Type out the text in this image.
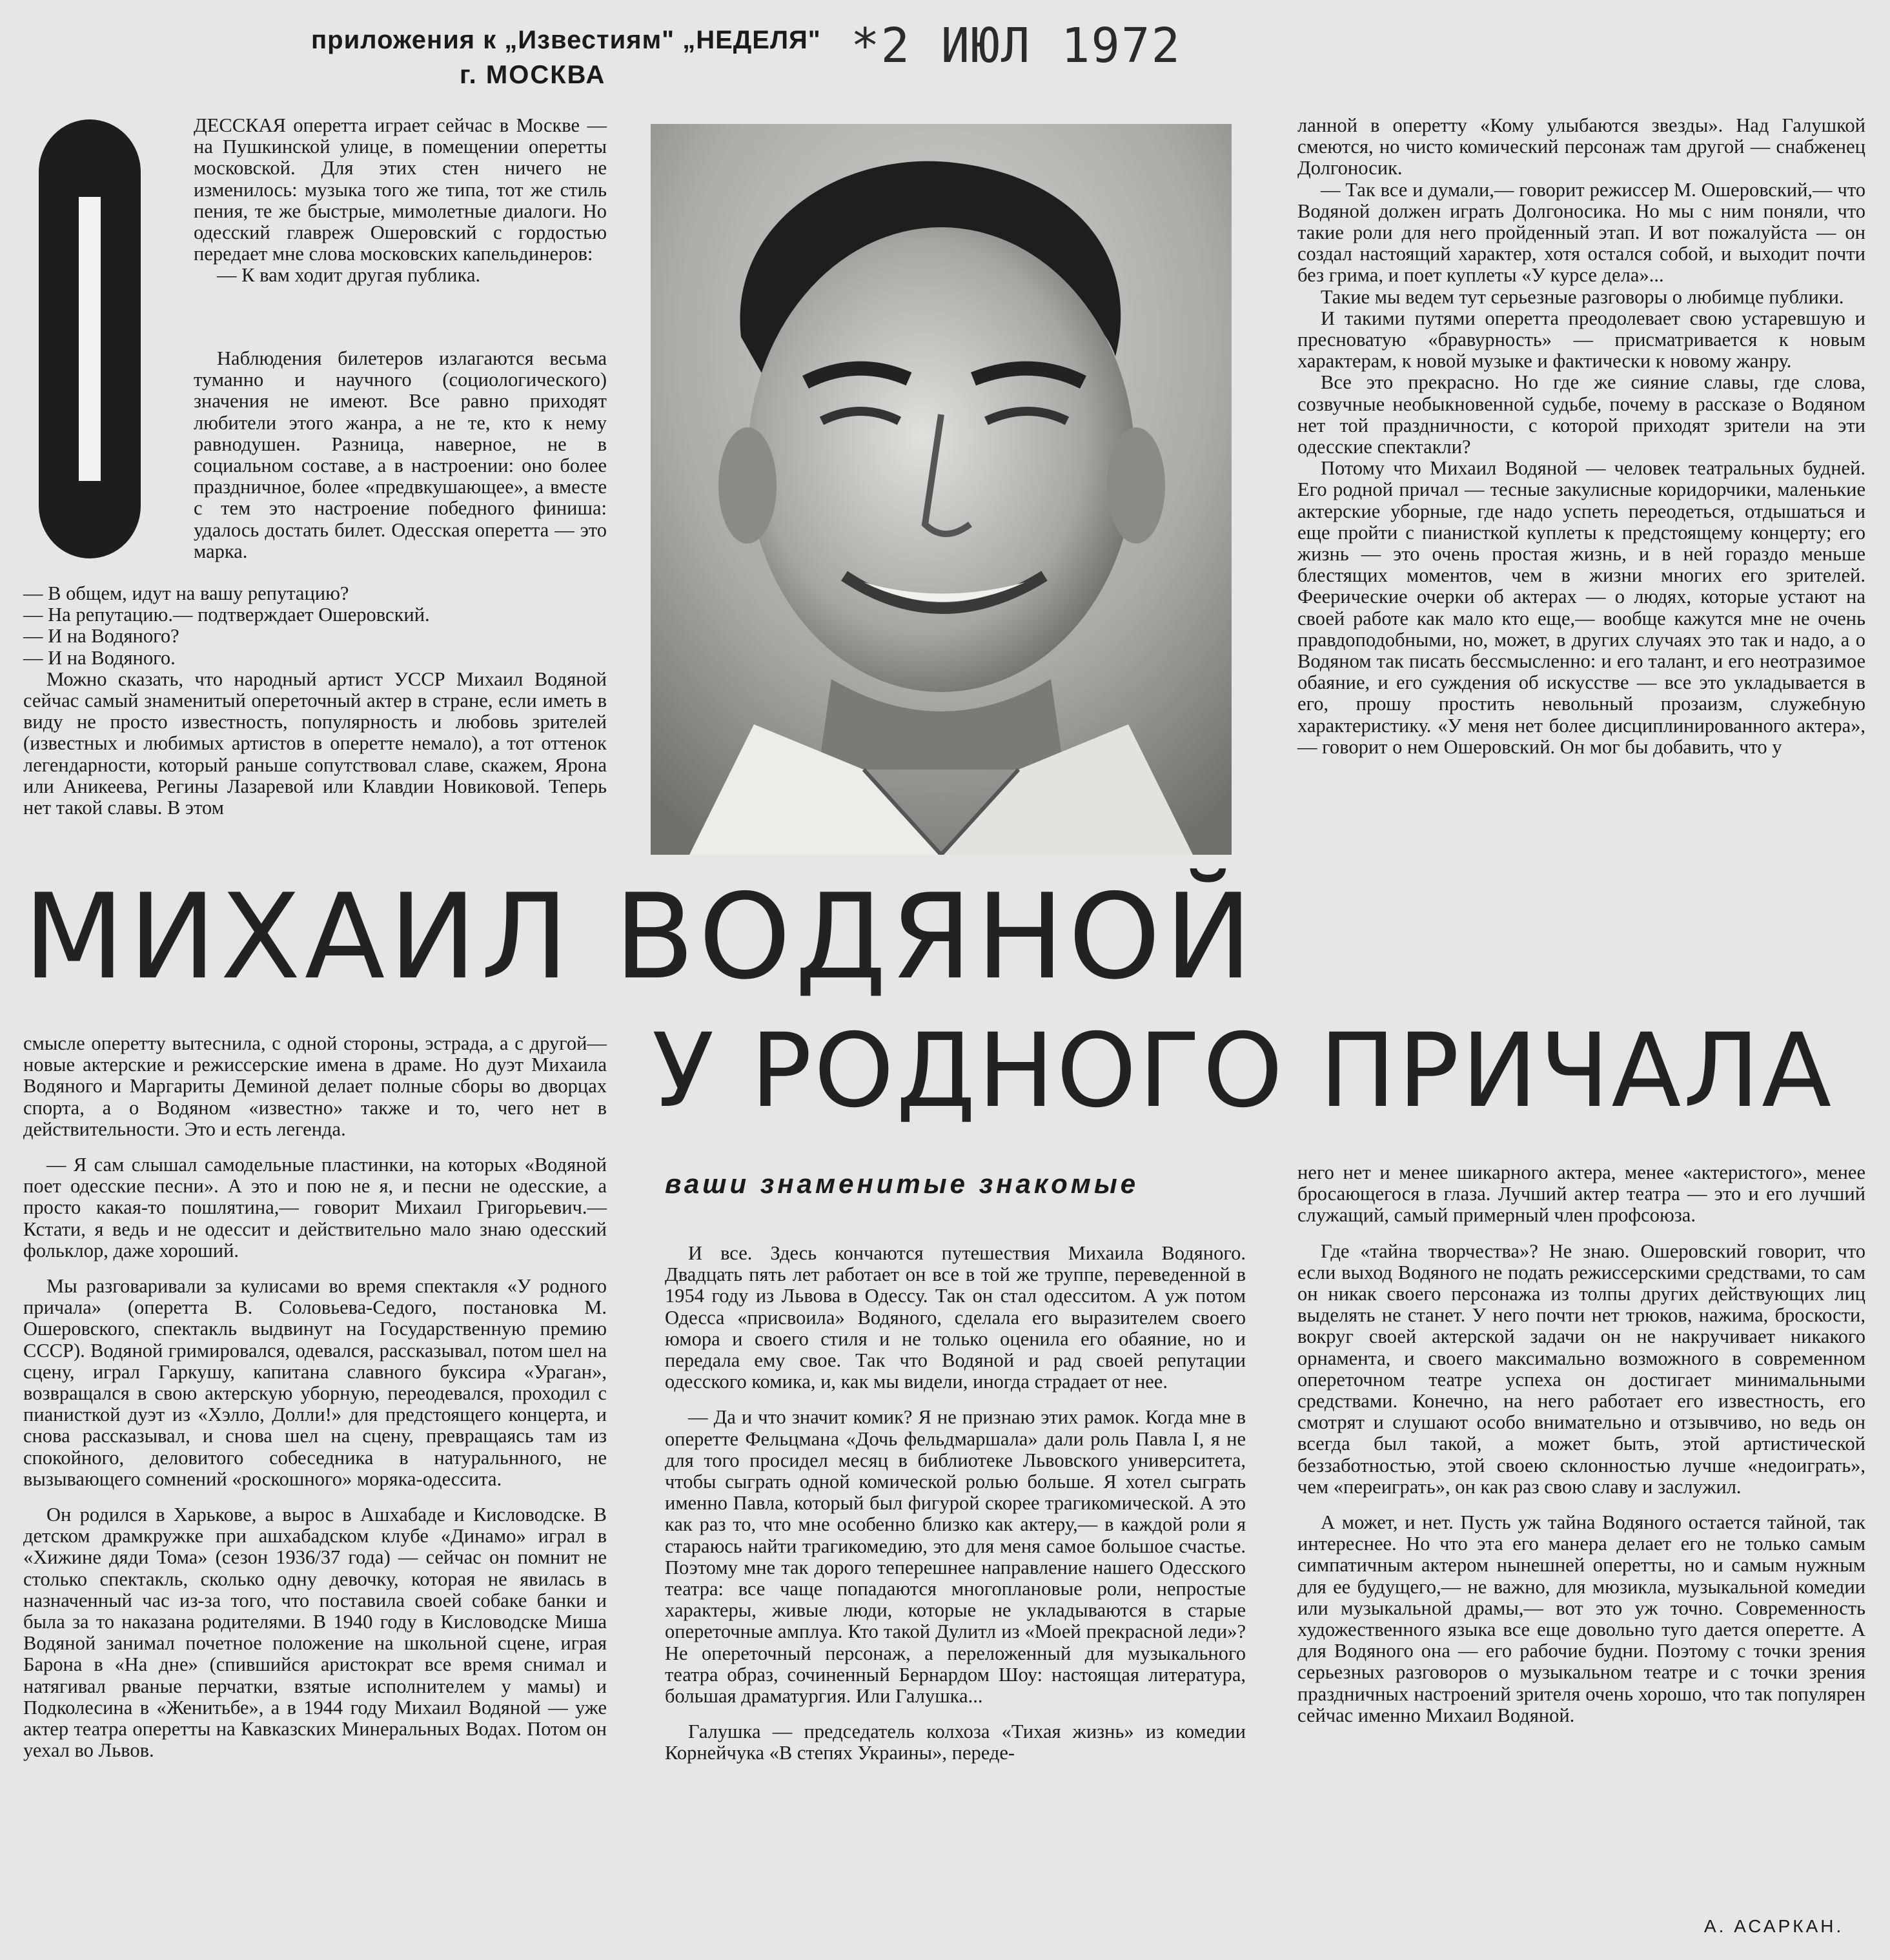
приложения к „Известиям" „НЕДЕЛЯ"
г. МОСКВА
*2 ИЮЛ 1972

ДЕССКАЯ оперетта играет сейчас в Москве — на Пушкинской улице, в помещении оперетты московской. Для этих стен ничего не изменилось: музыка того же типа, тот же стиль пения, те же быстрые, мимолетные диалоги. Но одесский главреж Ошеровский с гордостью передает мне слова московских капельдинеров:

— К вам ходит другая публика.

Наблюдения билетеров излагаются весьма туманно и научного (социологического) значения не имеют. Все равно приходят любители этого жанра, а не те, кто к нему равнодушен. Разница, наверное, не в социальном составе, а в настроении: оно более праздничное, более «предвкушающее», а вместе с тем это настроение победного финиша: удалось достать билет. Одесская оперетта — это марка.

— В общем, идут на вашу репутацию?

— На репутацию.— подтверждает Ошеровский.

— И на Водяного?

— И на Водяного.

Можно сказать, что народный артист УССР Михаил Водяной сейчас самый знаменитый опереточный актер в стране, если иметь в виду не просто известность, популярность и любовь зрителей (известных и любимых артистов в оперетте немало), а тот оттенок легендарности, который раньше сопутствовал славе, скажем, Ярона или Аникеева, Регины Лазаревой или Клавдии Новиковой. Теперь нет такой славы. В этом

ланной в оперетту «Кому улыбаются звезды». Над Галушкой смеются, но чисто комический персонаж там другой — снабженец Долгоносик.

— Так все и думали,— говорит режиссер М. Ошеровский,— что Водяной должен играть Долгоносика. Но мы с ним поняли, что такие роли для него пройденный этап. И вот пожалуйста — он создал настоящий характер, хотя остался собой, и выходит почти без грима, и поет куплеты «У курсе дела»...

Такие мы ведем тут серьезные разговоры о любимце публики.

И такими путями оперетта преодолевает свою устаревшую и пресноватую «бравурность» — присматривается к новым характерам, к новой музыке и фактически к новому жанру.

Все это прекрасно. Но где же сияние славы, где слова, созвучные необыкновенной судьбе, почему в рассказе о Водяном нет той праздничности, с которой приходят зрители на эти одесские спектакли?

Потому что Михаил Водяной — человек театральных будней. Его родной причал — тесные закулисные коридорчики, маленькие актерские уборные, где надо успеть переодеться, отдышаться и еще пройти с пианисткой куплеты к предстоящему концерту; его жизнь — это очень простая жизнь, и в ней гораздо меньше блестящих моментов, чем в жизни многих его зрителей. Феерические очерки об актерах — о людях, которые устают на своей работе как мало кто еще,— вообще кажутся мне не очень правдоподобными, но, может, в других случаях это так и надо, а о Водяном так писать бессмысленно: и его талант, и его неотразимое обаяние, и его суждения об искусстве — все это укладывается в его, прошу простить невольный прозаизм, служебную характеристику. «У меня нет более дисциплинированного актера»,— говорит о нем Ошеровский. Он мог бы добавить, что у

МИХАИЛ ВОДЯНОЙ
У РОДНОГО ПРИЧАЛА
ваши знаменитые знакомые

смысле оперетту вытеснила, с одной стороны, эстрада, а с другой—новые актерские и режиссерские имена в драме. Но дуэт Михаила Водяного и Маргариты Деминой делает полные сборы во дворцах спорта, а о Водяном «известно» также и то, чего нет в действительности. Это и есть легенда.

— Я сам слышал самодельные пластинки, на которых «Водяной поет одесские песни». А это и пою не я, и песни не одесские, а просто какая-то пошлятина,— говорит Михаил Григорьевич.— Кстати, я ведь и не одессит и действительно мало знаю одесский фольклор, даже хороший.

Мы разговаривали за кулисами во время спектакля «У родного причала» (оперетта В. Соловьева-Седого, постановка М. Ошеровского, спектакль выдвинут на Государственную премию СССР). Водяной гримировался, одевался, рассказывал, потом шел на сцену, играл Гаркушу, капитана славного буксира «Ураган», возвращался в свою актерскую уборную, переодевался, проходил с пианисткой дуэт из «Хэлло, Долли!» для предстоящего концерта, и снова рассказывал, и снова шел на сцену, превращаясь там из спокойного, деловитого собеседника в натуральнного, не вызывающего сомнений «роскошного» моряка-одессита.

Он родился в Харькове, а вырос в Ашхабаде и Кисловодске. В детском драмкружке при ашхабадском клубе «Динамо» играл в «Хижине дяди Тома» (сезон 1936/37 года) — сейчас он помнит не столько спектакль, сколько одну девочку, которая не явилась в назначенный час из-за того, что поставила своей собаке банки и была за то наказана родителями. В 1940 году в Кисловодске Миша Водяной занимал почетное положение на школьной сцене, играя Барона в «На дне» (спившийся аристократ все время снимал и натягивал рваные перчатки, взятые исполнителем у мамы) и Подколесина в «Женитьбе», а в 1944 году Михаил Водяной — уже актер театра оперетты на Кавказских Минеральных Водах. Потом он уехал во Львов.

И все. Здесь кончаются путешествия Михаила Водяного. Двадцать пять лет работает он все в той же труппе, переведенной в 1954 году из Львова в Одессу. Так он стал одесситом. А уж потом Одесса «присвоила» Водяного, сделала его выразителем своего юмора и своего стиля и не только оценила его обаяние, но и передала ему свое. Так что Водяной и рад своей репутации одесского комика, и, как мы видели, иногда страдает от нее.

— Да и что значит комик? Я не признаю этих рамок. Когда мне в оперетте Фельцмана «Дочь фельдмаршала» дали роль Павла I, я не для того просидел месяц в библиотеке Львовского университета, чтобы сыграть одной комической ролью больше. Я хотел сыграть именно Павла, который был фигурой скорее трагикомической. А это как раз то, что мне особенно близко как актеру,— в каждой роли я стараюсь найти трагикомедию, это для меня самое большое счастье. Поэтому мне так дорого теперешнее направление нашего Одесского театра: все чаще попадаются многоплановые роли, непростые характеры, живые люди, которые не укладываются в старые опереточные амплуа. Кто такой Дулитл из «Моей прекрасной леди»? Не опереточный персонаж, а переложенный для музыкального театра образ, сочиненный Бернардом Шоу: настоящая литература, большая драматургия. Или Галушка...

Галушка — председатель колхоза «Тихая жизнь» из комедии Корнейчука «В степях Украины», переде-

него нет и менее шикарного актера, менее «актеристого», менее бросающегося в глаза. Лучший актер театра — это и его лучший служащий, самый примерный член профсоюза.

Где «тайна творчества»? Не знаю. Ошеровский говорит, что если выход Водяного не подать режиссерскими средствами, то сам он никак своего персонажа из толпы других действующих лиц выделять не станет. У него почти нет трюков, нажима, броскости, вокруг своей актерской задачи он не накручивает никакого орнамента, и своего максимально возможного в современном опереточном театре успеха он достигает минимальными средствами. Конечно, на него работает его известность, его смотрят и слушают особо внимательно и отзывчиво, но ведь он всегда был такой, а может быть, этой артистической беззаботностью, этой своею склонностью лучше «недоиграть», чем «переиграть», он как раз свою славу и заслужил.

А может, и нет. Пусть уж тайна Водяного остается тайной, так интереснее. Но что эта его манера делает его не только самым симпатичным актером нынешней оперетты, но и самым нужным для ее будущего,— не важно, для мюзикла, музыкальной комедии или музыкальной драмы,— вот это уж точно. Современность художественного языка все еще довольно туго дается оперетте. А для Водяного она — его рабочие будни. Поэтому с точки зрения серьезных разговоров о музыкальном театре и с точки зрения праздничных настроений зрителя очень хорошо, что так популярен сейчас именно Михаил Водяной.

А. АСАРКАН.
